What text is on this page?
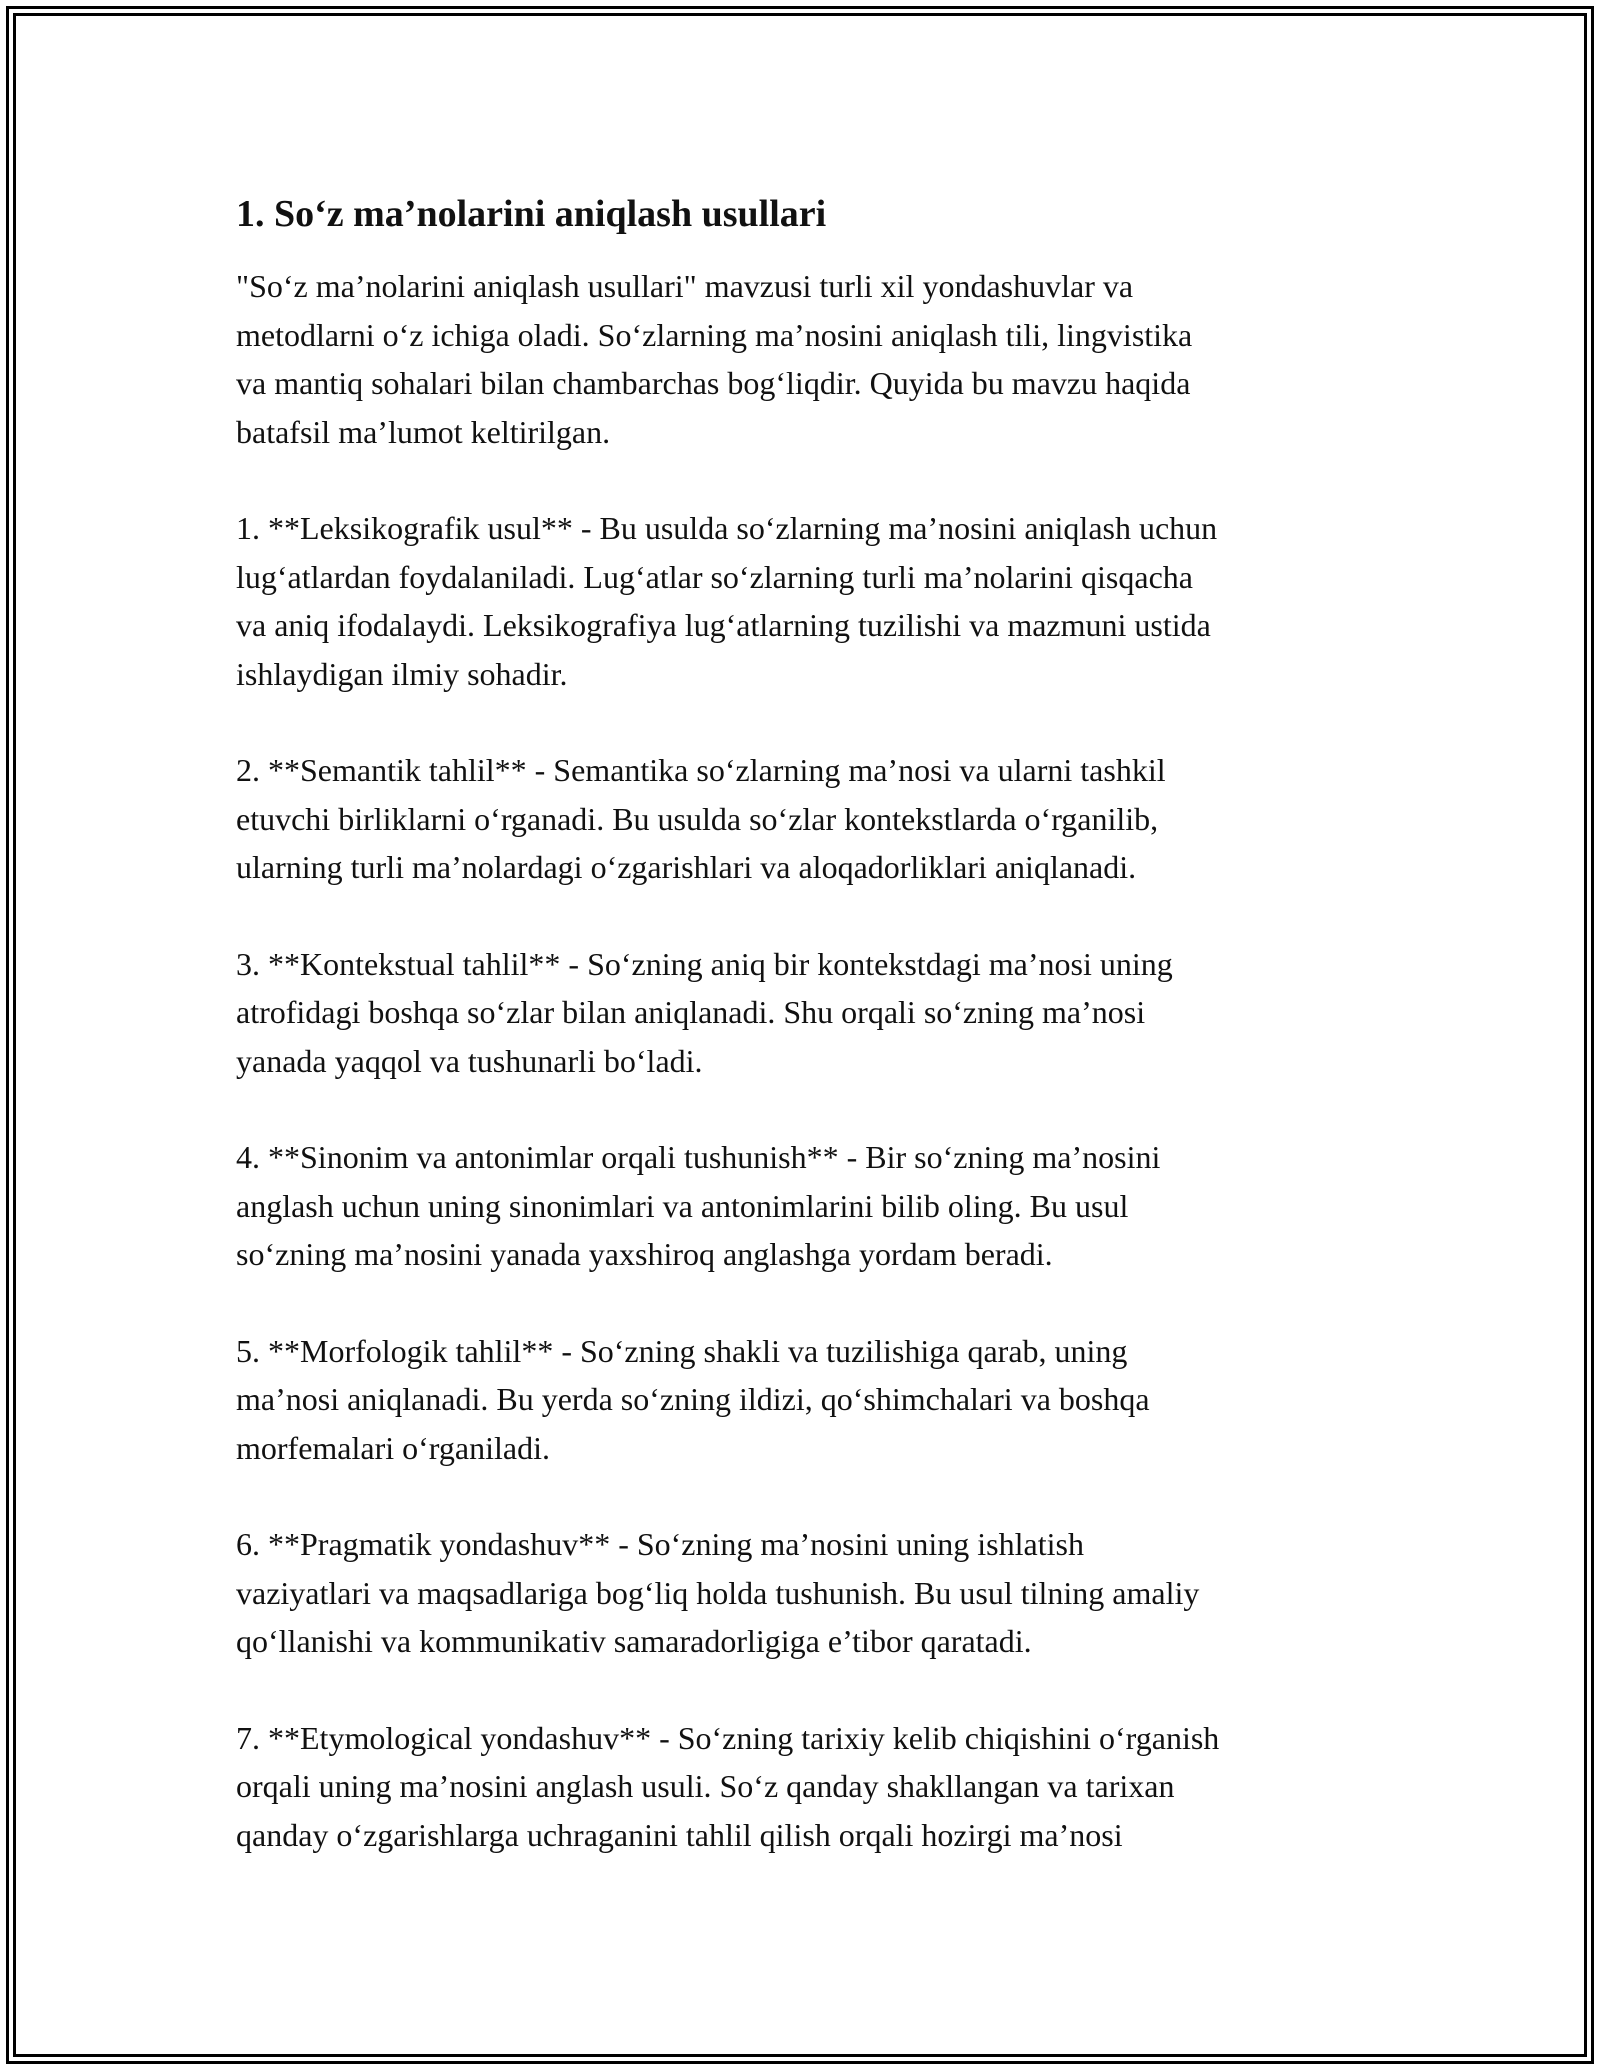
1. So‘z ma’nolarini aniqlash usullari

"So‘z ma’nolarini aniqlash usullari" mavzusi turli xil yondashuvlar va
metodlarni o‘z ichiga oladi. So‘zlarning ma’nosini aniqlash tili, lingvistika
va mantiq sohalari bilan chambarchas bog‘liqdir. Quyida bu mavzu haqida
batafsil ma’lumot keltirilgan.

1. **Leksikografik usul** - Bu usulda so‘zlarning ma’nosini aniqlash uchun
lug‘atlardan foydalaniladi. Lug‘atlar so‘zlarning turli ma’nolarini qisqacha
va aniq ifodalaydi. Leksikografiya lug‘atlarning tuzilishi va mazmuni ustida
ishlaydigan ilmiy sohadir.

2. **Semantik tahlil** - Semantika so‘zlarning ma’nosi va ularni tashkil
etuvchi birliklarni o‘rganadi. Bu usulda so‘zlar kontekstlarda o‘rganilib,
ularning turli ma’nolardagi o‘zgarishlari va aloqadorliklari aniqlanadi.

3. **Kontekstual tahlil** - So‘zning aniq bir kontekstdagi ma’nosi uning
atrofidagi boshqa so‘zlar bilan aniqlanadi. Shu orqali so‘zning ma’nosi
yanada yaqqol va tushunarli bo‘ladi.

4. **Sinonim va antonimlar orqali tushunish** - Bir so‘zning ma’nosini
anglash uchun uning sinonimlari va antonimlarini bilib oling. Bu usul
so‘zning ma’nosini yanada yaxshiroq anglashga yordam beradi.

5. **Morfologik tahlil** - So‘zning shakli va tuzilishiga qarab, uning
ma’nosi aniqlanadi. Bu yerda so‘zning ildizi, qo‘shimchalari va boshqa
morfemalari o‘rganiladi.

6. **Pragmatik yondashuv** - So‘zning ma’nosini uning ishlatish
vaziyatlari va maqsadlariga bog‘liq holda tushunish. Bu usul tilning amaliy
qo‘llanishi va kommunikativ samaradorligiga e’tibor qaratadi.

7. **Etymological yondashuv** - So‘zning tarixiy kelib chiqishini o‘rganish
orqali uning ma’nosini anglash usuli. So‘z qanday shakllangan va tarixan
qanday o‘zgarishlarga uchraganini tahlil qilish orqali hozirgi ma’nosi
